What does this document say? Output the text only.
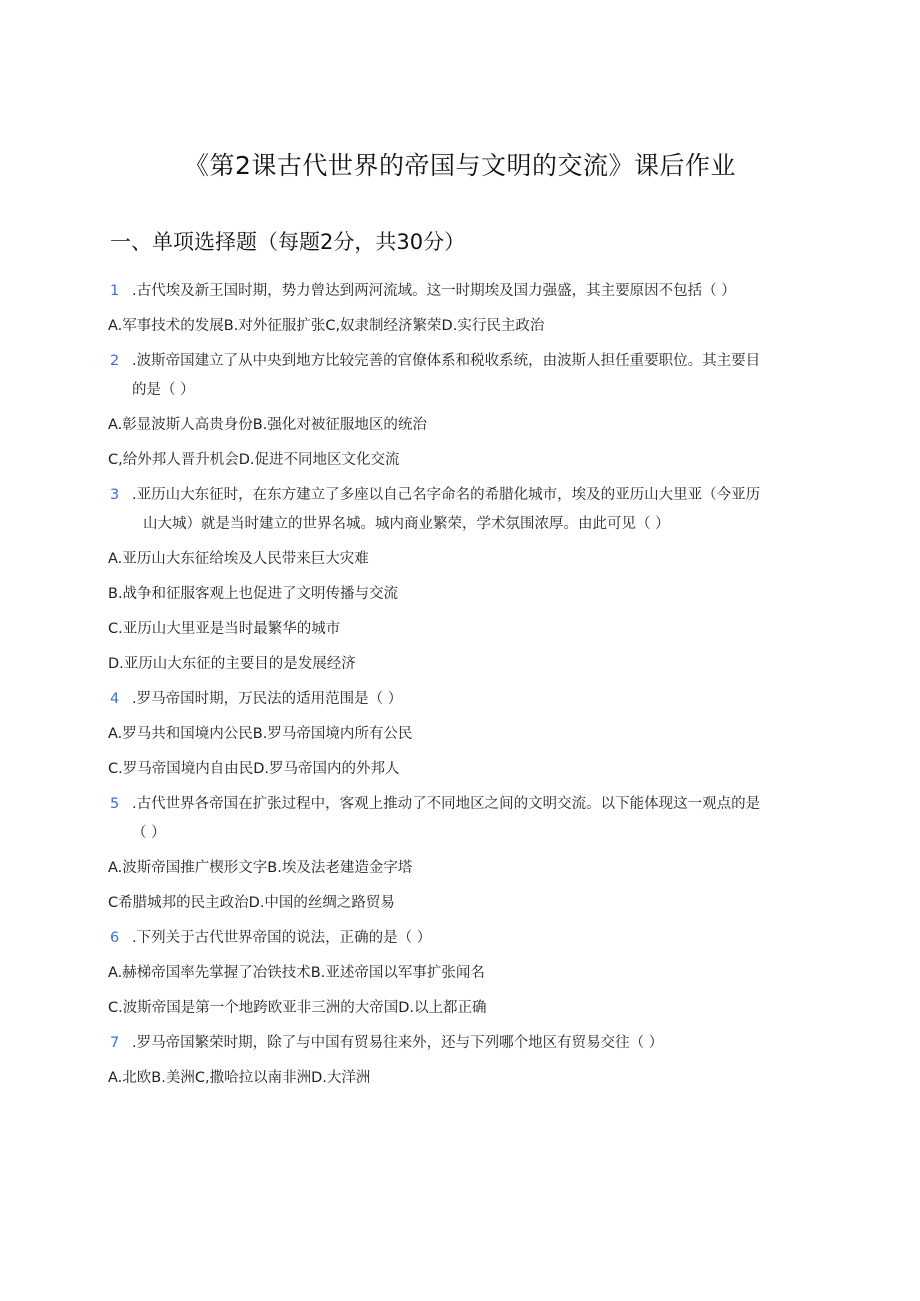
《第2课古代世界的帝国与文明的交流》课后作业
一、单项选择题（每题2分，共30分）
1 .古代埃及新王国时期，势力曾达到两河流域。这一时期埃及国力强盛，其主要原因不包括（ ）
A.军事技术的发展B.对外征服扩张C,奴隶制经济繁荣D.实行民主政治
2 .波斯帝国建立了从中央到地方比较完善的官僚体系和税收系统，由波斯人担任重要职位。其主要目
的是（ ）
A.彰显波斯人高贵身份B.强化对被征服地区的统治
C,给外邦人晋升机会D.促进不同地区文化交流
3 .亚历山大东征时，在东方建立了多座以自己名字命名的希腊化城市，埃及的亚历山大里亚（今亚历
山大城）就是当时建立的世界名城。城内商业繁荣，学术氛围浓厚。由此可见（ ）
A.亚历山大东征给埃及人民带来巨大灾难
B.战争和征服客观上也促进了文明传播与交流
C.亚历山大里亚是当时最繁华的城市
D.亚历山大东征的主要目的是发展经济
4 .罗马帝国时期，万民法的适用范围是（ ）
A.罗马共和国境内公民B.罗马帝国境内所有公民
C.罗马帝国境内自由民D.罗马帝国内的外邦人
5 .古代世界各帝国在扩张过程中，客观上推动了不同地区之间的文明交流。以下能体现这一观点的是
（ ）
A.波斯帝国推广楔形文字B.埃及法老建造金字塔
C希腊城邦的民主政治D.中国的丝绸之路贸易
6 .下列关于古代世界帝国的说法，正确的是（ ）
A.赫梯帝国率先掌握了冶铁技术B.亚述帝国以军事扩张闻名
C.波斯帝国是第一个地跨欧亚非三洲的大帝国D.以上都正确
7 .罗马帝国繁荣时期，除了与中国有贸易往来外，还与下列哪个地区有贸易交往（ ）
A.北欧B.美洲C,撒哈拉以南非洲D.大洋洲
